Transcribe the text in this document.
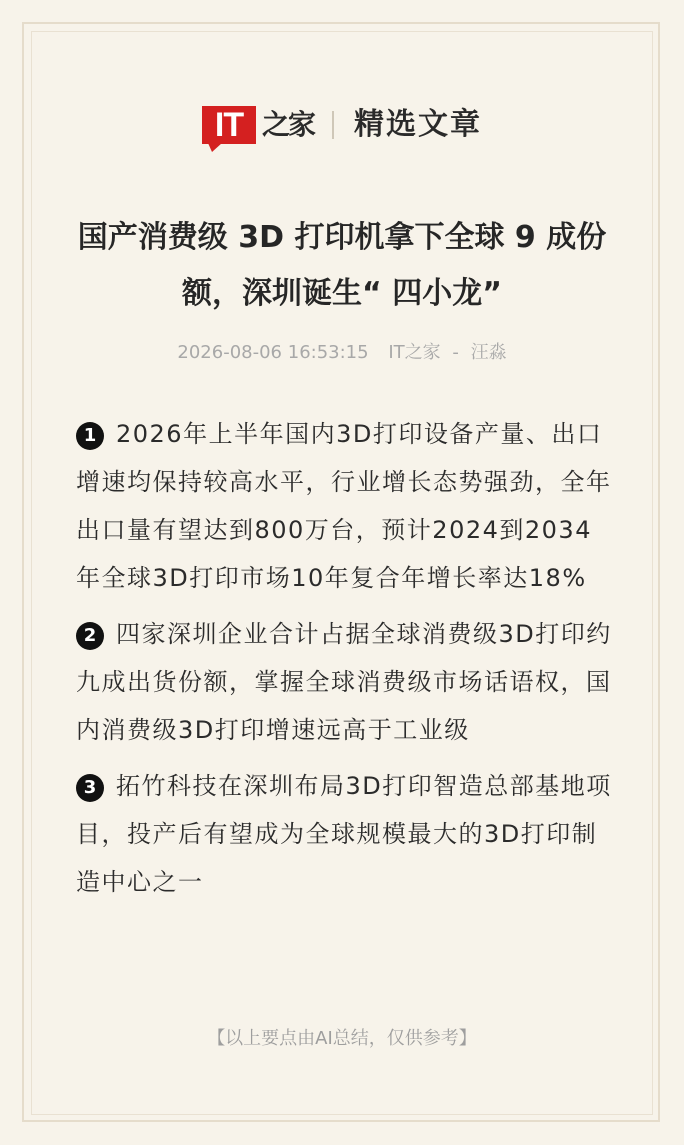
IT 之家 精选文章
国产消费级 3D 打印机拿下全球 9 成份额，深圳诞生“ 四小龙”
2026-08-06 16:53:15 IT之家 - 汪淼

1 2026年上半年国内3D打印设备产量、出口增速均保持较高水平，行业增长态势强劲，全年出口量有望达到800万台，预计2024到2034年全球3D打印市场10年复合年增长率达18%

2 四家深圳企业合计占据全球消费级3D打印约九成出货份额，掌握全球消费级市场话语权，国内消费级3D打印增速远高于工业级

3 拓竹科技在深圳布局3D打印智造总部基地项目，投产后有望成为全球规模最大的3D打印制造中心之一

【以上要点由AI总结，仅供参考】
